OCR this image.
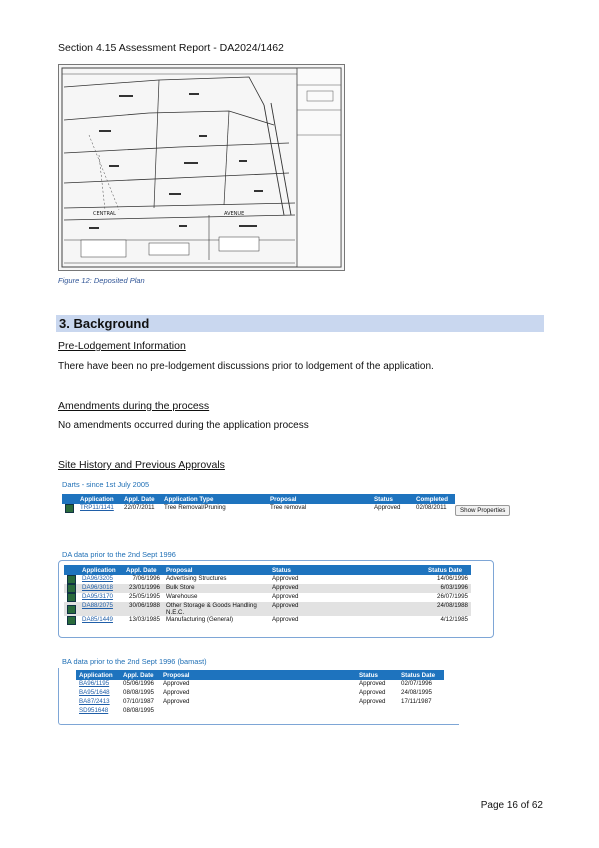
Section 4.15 Assessment Report - DA2024/1462
CENTRAL	AVENUE
Figure 12: Deposited Plan
3. Background
Pre-Lodgement Information
There have been no pre-lodgement discussions prior to lodgement of the application.
Amendments during the process
No amendments occurred during the application process
Site History and Previous Approvals
Darts - since 1st July 2005
	Application	Appl. Date	Application Type	Proposal	Status	Completed
	TRP11/1141	22/07/2011	Tree Removal/Pruning	Tree removal	Approved	02/08/2011	Show Properties
DA data prior to the 2nd Sept 1996
	Application	Appl. Date	Proposal	Status	Status Date
	DA96/3205	7/06/1996	Advertising Structures	Approved	14/06/1996
	DA96/3018	23/01/1996	Bulk Store	Approved	6/03/1996
	DA95/3170	25/05/1995	Warehouse	Approved	26/07/1995
	DA88/2075	30/06/1988	Other Storage & Goods Handling N.E.C.	Approved	24/08/1988
	DA85/1449	13/03/1985	Manufacturing (General)	Approved	4/12/1985
BA data prior to the 2nd Sept 1996 (bamast)
Application	Appl. Date	Proposal	Status	Status Date
BA96/1195	05/06/1996	Approved	Approved	02/07/1996
BA95/1648	08/08/1995	Approved	Approved	24/08/1995
BA87/2413	07/10/1987	Approved	Approved	17/11/1987
SD951648	08/08/1995			
Page 16 of 62
